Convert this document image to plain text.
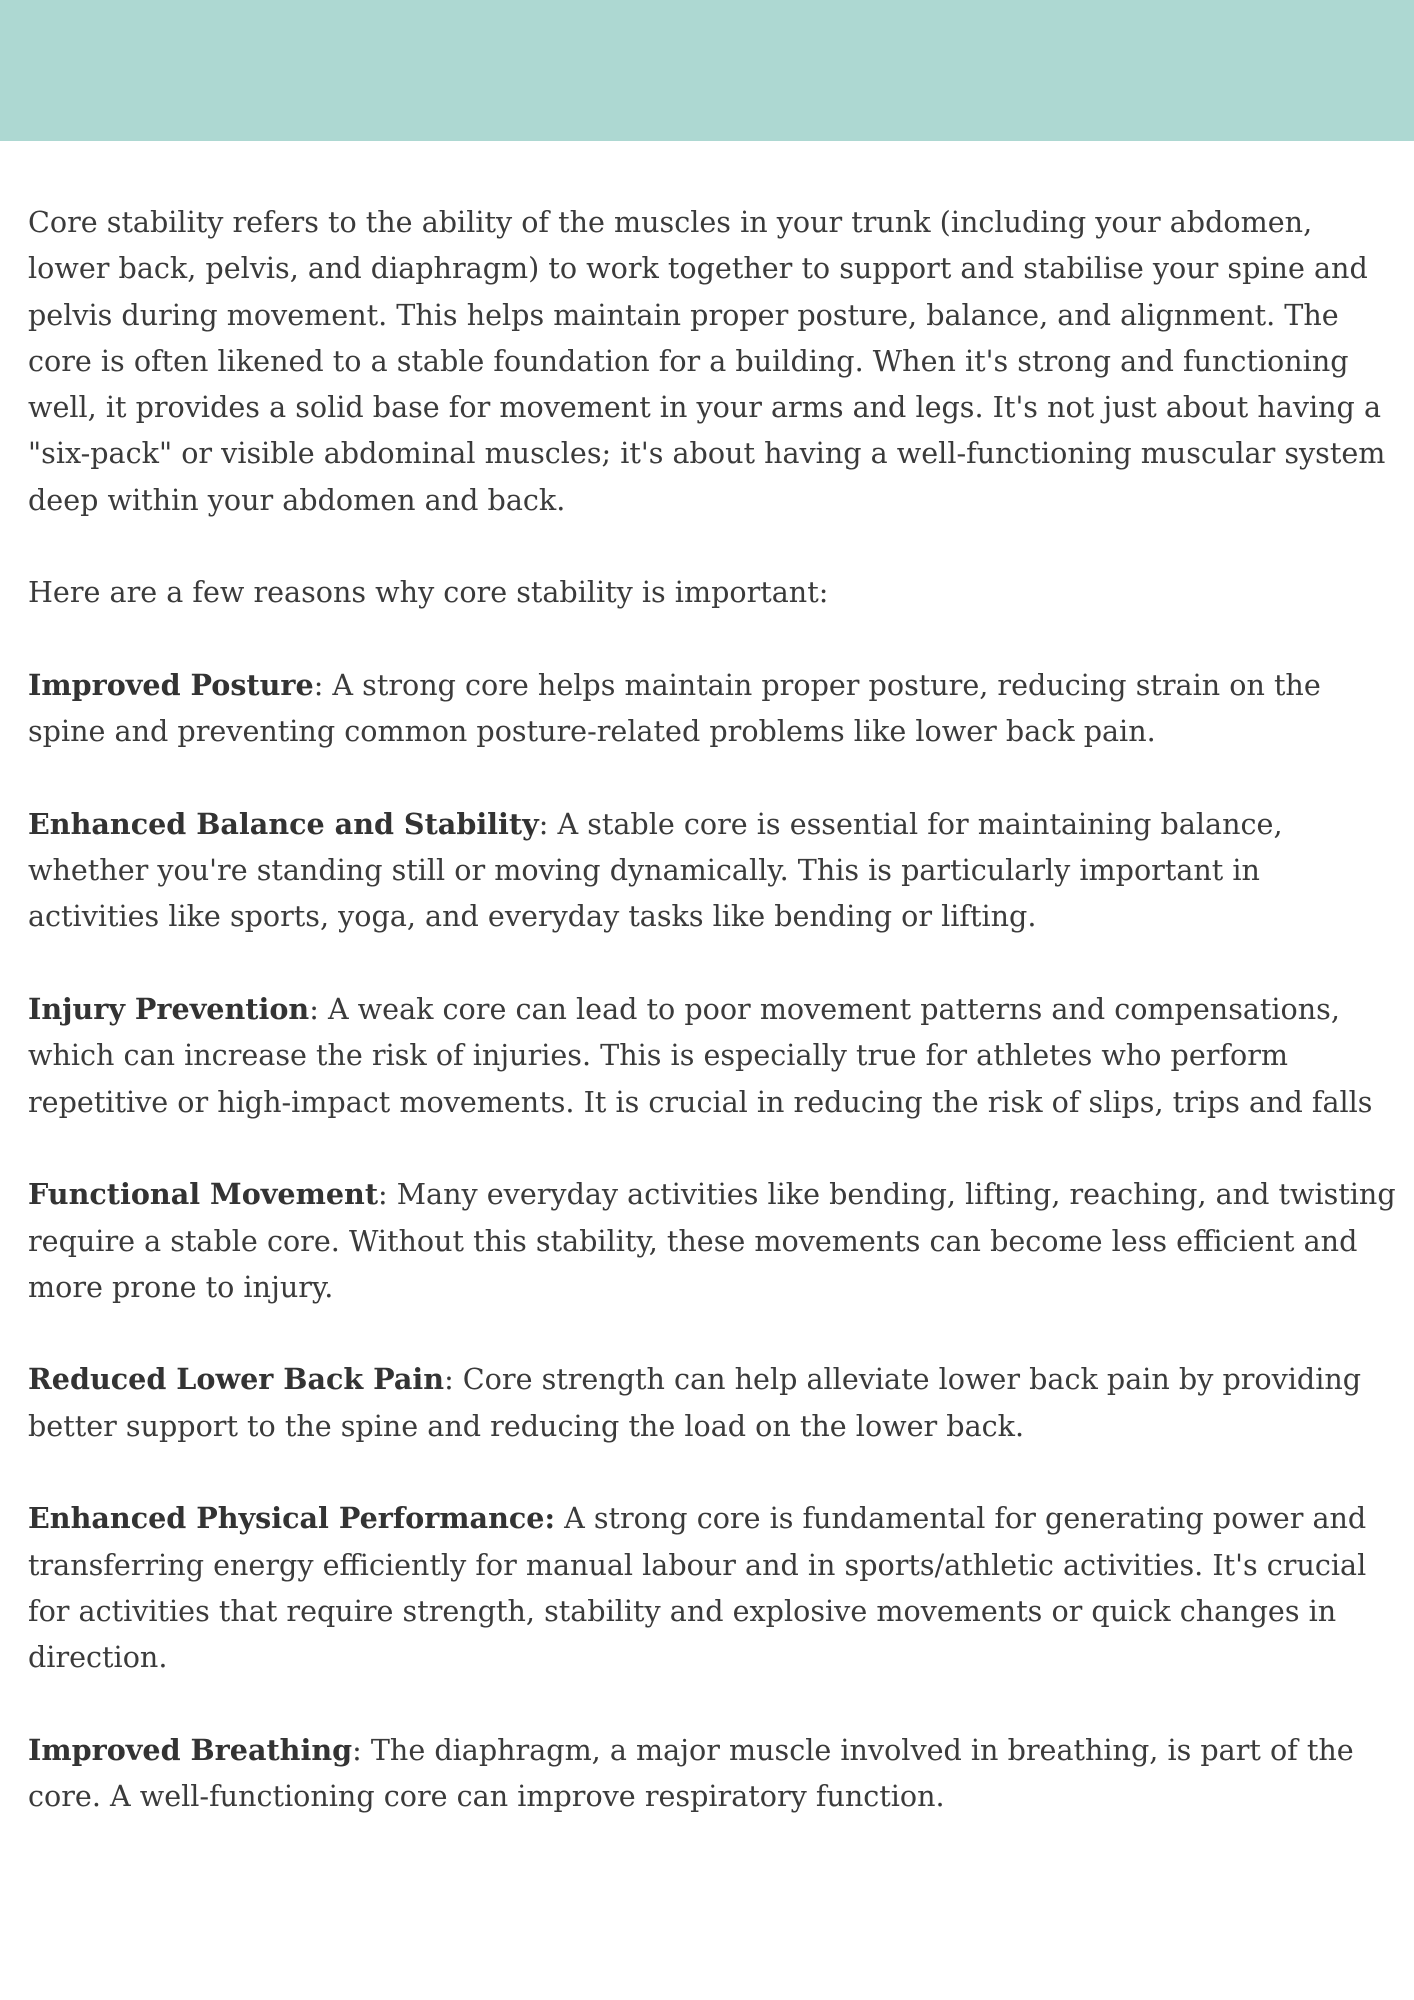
Core stability refers to the ability of the muscles in your trunk (including your abdomen, lower back, pelvis, and diaphragm) to work together to support and stabilise your spine and pelvis during movement. This helps maintain proper posture, balance, and alignment. The core is often likened to a stable foundation for a building. When it's strong and functioning well, it provides a solid base for movement in your arms and legs. It's not just about having a "six-pack" or visible abdominal muscles; it's about having a well-functioning muscular system deep within your abdomen and back.

Here are a few reasons why core stability is important:

Improved Posture: A strong core helps maintain proper posture, reducing strain on the spine and preventing common posture-related problems like lower back pain.

Enhanced Balance and Stability: A stable core is essential for maintaining balance, whether you're standing still or moving dynamically. This is particularly important in activities like sports, yoga, and everyday tasks like bending or lifting.

Injury Prevention: A weak core can lead to poor movement patterns and compensations, which can increase the risk of injuries. This is especially true for athletes who perform repetitive or high-impact movements. It is crucial in reducing the risk of slips, trips and falls

Functional Movement: Many everyday activities like bending, lifting, reaching, and twisting require a stable core. Without this stability, these movements can become less efficient and more prone to injury.

Reduced Lower Back Pain: Core strength can help alleviate lower back pain by providing better support to the spine and reducing the load on the lower back.

Enhanced Physical Performance: A strong core is fundamental for generating power and transferring energy efficiently for manual labour and in sports/athletic activities. It's crucial for activities that require strength, stability and explosive movements or quick changes in direction.

Improved Breathing: The diaphragm, a major muscle involved in breathing, is part of the core. A well-functioning core can improve respiratory function.
